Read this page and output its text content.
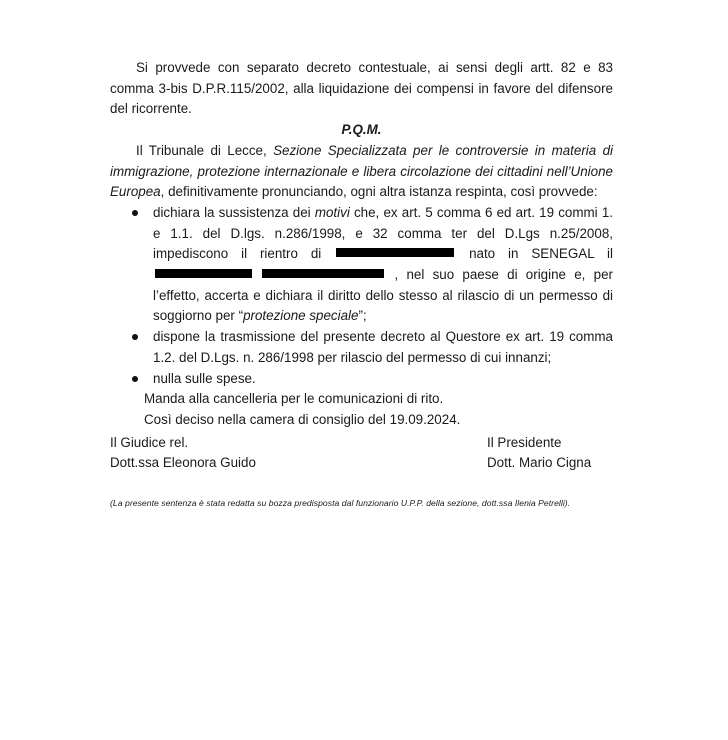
Si provvede con separato decreto contestuale, ai sensi degli artt. 82 e 83 comma 3-bis D.P.R.115/2002, alla liquidazione dei compensi in favore del difensore del ricorrente.

P.Q.M.

Il Tribunale di Lecce, Sezione Specializzata per le controversie in materia di immigrazione, protezione internazionale e libera circolazione dei cittadini nell’Unione Europea, definitivamente pronunciando, ogni altra istanza respinta, così provvede:

dichiara la sussistenza dei motivi che, ex art. 5 comma 6 ed art. 19 commi 1. e 1.1. del D.lgs. n.286/1998, e 32 comma ter del D.Lgs n.25/2008, impediscono il rientro di	nato in SENEGAL il   , nel suo paese di origine e, per l’effetto, accerta e dichiara il diritto dello stesso al rilascio di un permesso di soggiorno per “protezione speciale”;
dispone la trasmissione del presente decreto al Questore ex art. 19 comma 1.2. del D.Lgs. n. 286/1998 per rilascio del permesso di cui innanzi;
nulla sulle spese.

Manda alla cancelleria per le comunicazioni di rito.

Così deciso nella camera di consiglio del 19.09.2024.

Il Giudice rel.
Dott.ssa Eleonora Guido
Il Presidente
Dott. Mario Cigna
(La presente sentenza è stata redatta su bozza predisposta dal funzionario U.P.P. della sezione, dott.ssa Ilenia Petrelli).
